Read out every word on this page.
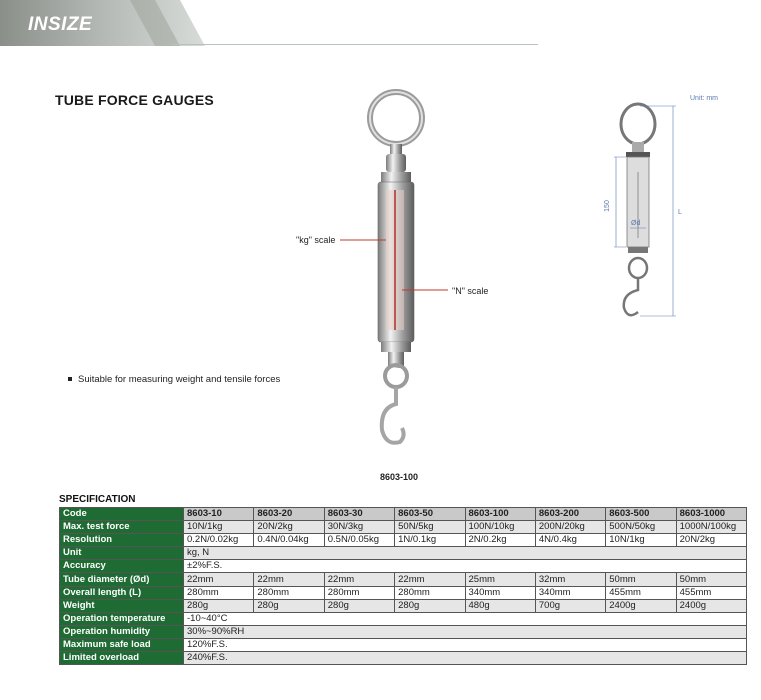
INSIZE
TUBE FORCE GAUGES
"kg" scale
"N" scale
Unit: mm
150
L
Ød
Suitable for measuring weight and tensile forces
8603-100
SPECIFICATION
Code	8603-10	8603-20	8603-30	8603-50	8603-100	8603-200	8603-500	8603-1000
Max. test force	10N/1kg	20N/2kg	30N/3kg	50N/5kg	100N/10kg	200N/20kg	500N/50kg	1000N/100kg
Resolution	0.2N/0.02kg	0.4N/0.04kg	0.5N/0.05kg	1N/0.1kg	2N/0.2kg	4N/0.4kg	10N/1kg	20N/2kg
Unit	kg, N							
Accuracy	±2%F.S.							
Tube diameter (Ød)	22mm	22mm	22mm	22mm	25mm	32mm	50mm	50mm
Overall length (L)	280mm	280mm	280mm	280mm	340mm	340mm	455mm	455mm
Weight	280g	280g	280g	280g	480g	700g	2400g	2400g
Operation temperature	-10~40°C							
Operation humidity	30%~90%RH							
Maximum safe load	120%F.S.							
Limited overload	240%F.S.							
